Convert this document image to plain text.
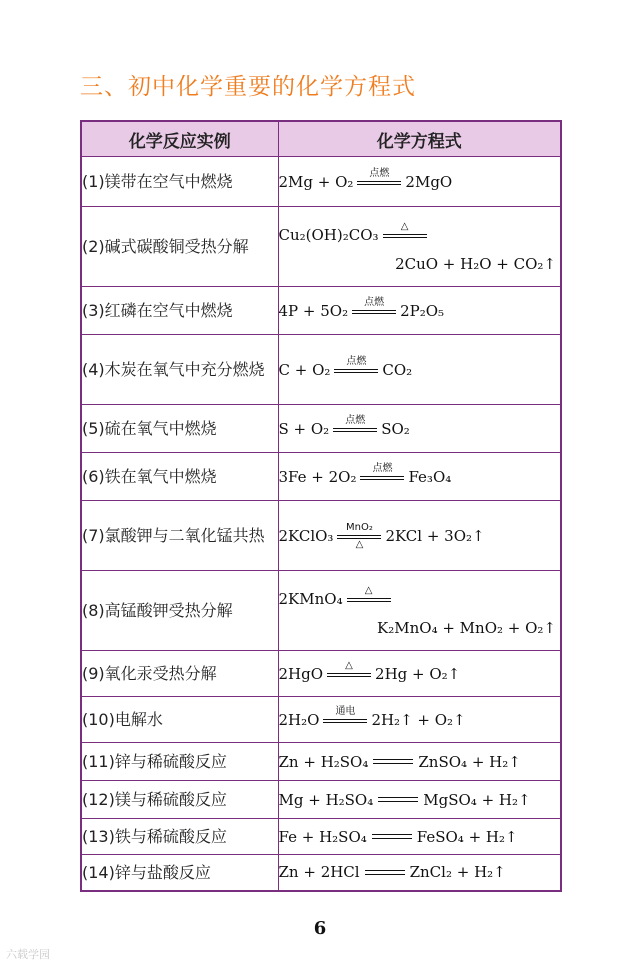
三、初中化学重要的化学方程式
化学反应实例	化学方程式
(1)镁带在空气中燃烧	2Mg + O₂ 点燃 2MgO

(2)碱式碳酸铜受热分解	Cu₂(OH)₂CO₃ △
2CuO + H₂O + CO₂↑

(3)红磷在空气中燃烧	4P + 5O₂ 点燃 2P₂O₅

(4)木炭在氧气中充分燃烧	C + O₂ 点燃 CO₂

(5)硫在氧气中燃烧	S + O₂ 点燃 SO₂

(6)铁在氧气中燃烧	3Fe + 2O₂ 点燃 Fe₃O₄

(7)氯酸钾与二氧化锰共热	2KClO₃ MnO₂
△ 2KCl + 3O₂↑

(8)高锰酸钾受热分解	2KMnO₄ △
K₂MnO₄ + MnO₂ + O₂↑

(9)氧化汞受热分解	2HgO △ 2Hg + O₂↑

(10)电解水	2H₂O 通电 2H₂↑ + O₂↑

(11)锌与稀硫酸反应	Zn + H₂SO₄ ZnSO₄ + H₂↑

(12)镁与稀硫酸反应	Mg + H₂SO₄ MgSO₄ + H₂↑

(13)铁与稀硫酸反应	Fe + H₂SO₄ FeSO₄ + H₂↑

(14)锌与盐酸反应	Zn + 2HCl ZnCl₂ + H₂↑
6
六载学园
